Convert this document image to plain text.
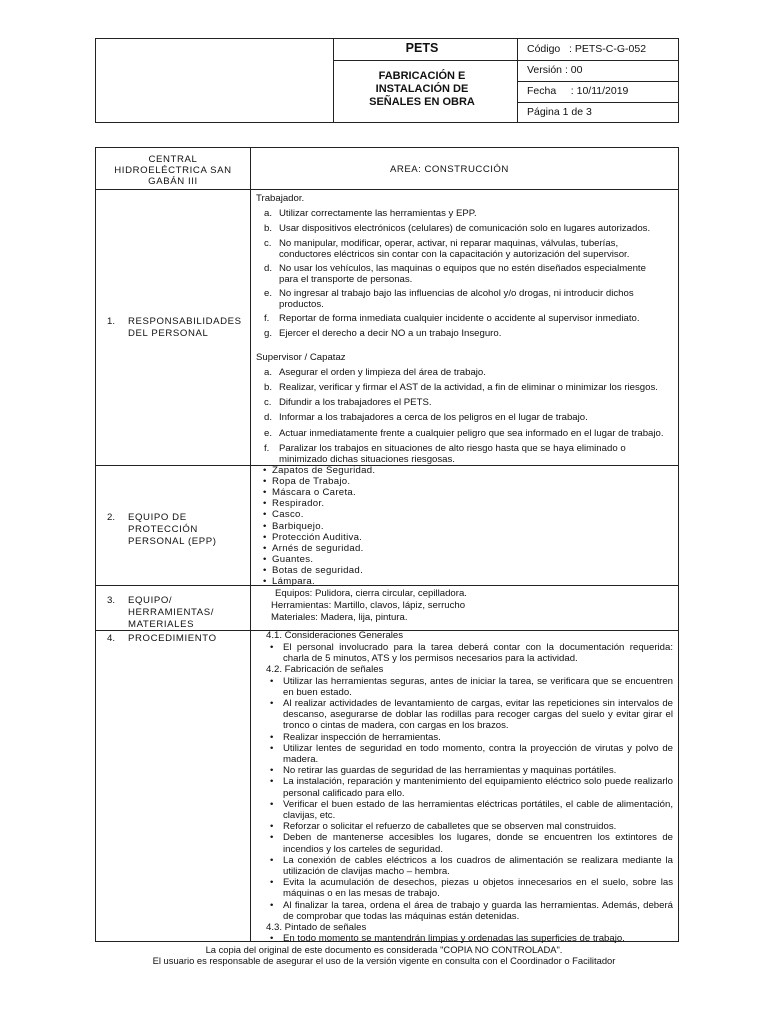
PETS
FABRICACIÓN E
INSTALACIÓN DE
SEÑALES EN OBRA
Código   : PETS-C-G-052
Versión : 00
Fecha     : 10/11/2019
Página 1 de 3
CENTRAL
HIDROELÉCTRICA SAN
GABÁN III
AREA: CONSTRUCCIÓN
1. RESPONSABILIDADES
DEL PERSONAL
2. EQUIPO DE
PROTECCIÓN
PERSONAL (EPP)
3. EQUIPO/
HERRAMIENTAS/
MATERIALES
4. PROCEDIMIENTO
Trabajador.
a. Utilizar correctamente las herramientas y EPP.
b. Usar dispositivos electrónicos (celulares) de comunicación solo en lugares autorizados.
c. No manipular, modificar, operar, activar, ni reparar maquinas, válvulas, tuberías,
conductores eléctricos sin contar con la capacitación y autorización del supervisor.
d. No usar los vehículos, las maquinas o equipos que no estén diseñados especialmente
para el transporte de personas.
e. No ingresar al trabajo bajo las influencias de alcohol y/o drogas, ni introducir dichos
productos.
f. Reportar de forma inmediata cualquier incidente o accidente al supervisor inmediato.
g. Ejercer el derecho a decir NO a un trabajo Inseguro.
Supervisor / Capataz
a. Asegurar el orden y limpieza del área de trabajo.
b. Realizar, verificar y firmar el AST de la actividad, a fin de eliminar o minimizar los riesgos.
c. Difundir a los trabajadores el PETS.
d. Informar a los trabajadores a cerca de los peligros en el lugar de trabajo.
e. Actuar inmediatamente frente a cualquier peligro que sea informado en el lugar de trabajo.
f. Paralizar los trabajos en situaciones de alto riesgo hasta que se haya eliminado o
minimizado dichas situaciones riesgosas.
• Zapatos de Seguridad.
• Ropa de Trabajo.
• Máscara o Careta.
• Respirador.
• Casco.
• Barbiquejo.
• Protección Auditiva.
• Arnés de seguridad.
• Guantes.
• Botas de seguridad.
• Lámpara.
Equipos: Pulidora, cierra circular, cepilladora.
Herramientas: Martillo, clavos, lápiz, serrucho
Materiales: Madera, lija, pintura.
4.1. Consideraciones Generales
• El personal involucrado para la tarea deberá contar con la documentación requerida:
charla de 5 minutos, ATS y los permisos necesarios para la actividad.
4.2. Fabricación de señales
• Utilizar las herramientas seguras, antes de iniciar la tarea, se verificara que se encuentren
en buen estado.
• Al realizar actividades de levantamiento de cargas, evitar las repeticiones sin intervalos de
descanso, asegurarse de doblar las rodillas para recoger cargas del suelo y evitar girar el
tronco o cintas de madera, con cargas en los brazos.
• Realizar inspección de herramientas.
• Utilizar lentes de seguridad en todo momento, contra la proyección de virutas y polvo de
madera.
• No retirar las guardas de seguridad de las herramientas y maquinas portátiles.
• La instalación, reparación y mantenimiento del equipamiento eléctrico solo puede realizarlo
personal calificado para ello.
• Verificar el buen estado de las herramientas eléctricas portátiles, el cable de alimentación,
clavijas, etc.
• Reforzar o solicitar el refuerzo de caballetes que se observen mal construidos.
• Deben de mantenerse accesibles los lugares, donde se encuentren los extintores de
incendios y los carteles de seguridad.
• La conexión de cables eléctricos a los cuadros de alimentación se realizara mediante la
utilización de clavijas macho – hembra.
• Evita la acumulación de desechos, piezas u objetos innecesarios en el suelo, sobre las
máquinas o en las mesas de trabajo.
• Al finalizar la tarea, ordena el área de trabajo y guarda las herramientas. Además, deberá
de comprobar que todas las máquinas están detenidas.
4.3. Pintado de señales
• En todo momento se mantendrán limpias y ordenadas las superficies de trabajo.
La copia del original de este documento es considerada "COPIA NO CONTROLADA".
El usuario es responsable de asegurar el uso de la versión vigente en consulta con el Coordinador o Facilitador
